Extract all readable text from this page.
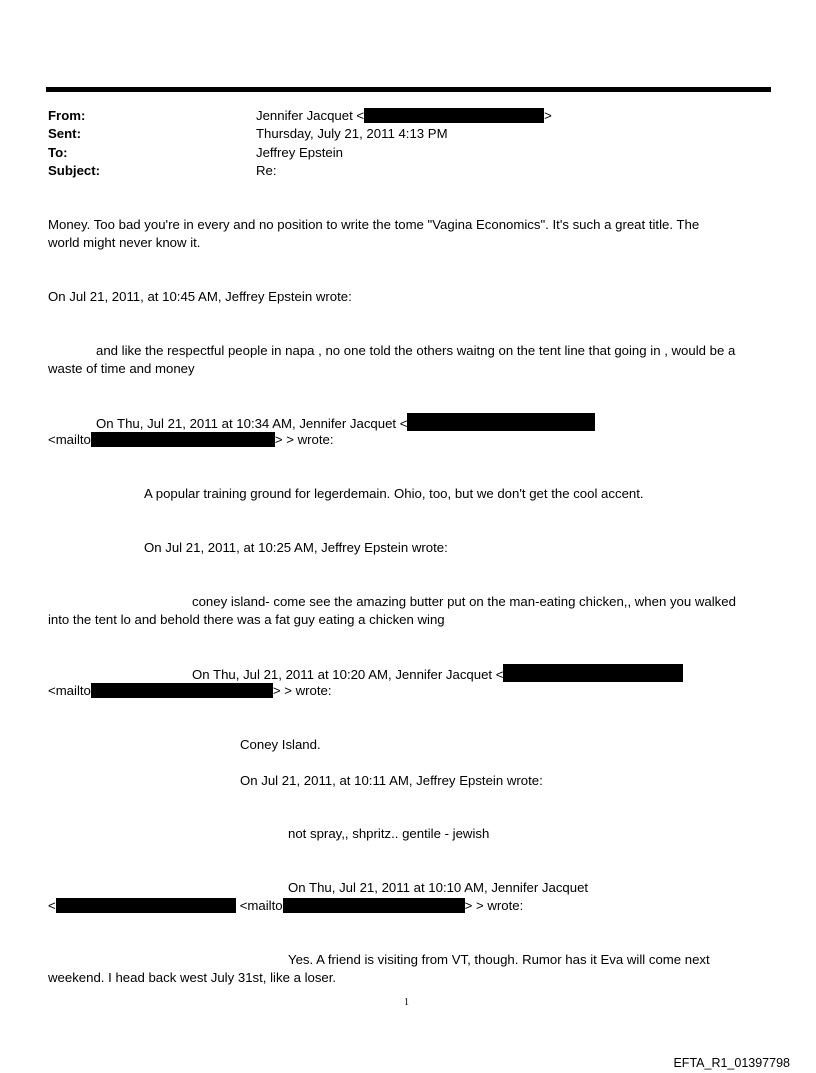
From:	Jennifer Jacquet <	>
Sent:	Thursday, July 21, 2011 4:13 PM
To:	Jeffrey Epstein
Subject:	Re:
Money. Too bad you're in every and no position to write the tome "Vagina Economics". It's such a great title. The
world might never know it.
On Jul 21, 2011, at 10:45 AM, Jeffrey Epstein wrote:
and like the respectful people in napa , no one told the others waitng on the tent line that going in , would be a
waste of time and money
On Thu, Jul 21, 2011 at 10:34 AM, Jennifer Jacquet <
<mailto	> > wrote:
A popular training ground for legerdemain. Ohio, too, but we don't get the cool accent.
On Jul 21, 2011, at 10:25 AM, Jeffrey Epstein wrote:
coney island- come see the amazing butter put on the man-eating chicken,, when you walked
into the tent lo and behold there was a fat guy eating a chicken wing
On Thu, Jul 21, 2011 at 10:20 AM, Jennifer Jacquet <
<mailto	> > wrote:
Coney Island.
On Jul 21, 2011, at 10:11 AM, Jeffrey Epstein wrote:
not spray,, shpritz.. gentile - jewish
On Thu, Jul 21, 2011 at 10:10 AM, Jennifer Jacquet
<	<mailto	> > wrote:
Yes. A friend is visiting from VT, though. Rumor has it Eva will come next
weekend. I head back west July 31st, like a loser.
1
EFTA_R1_01397798
